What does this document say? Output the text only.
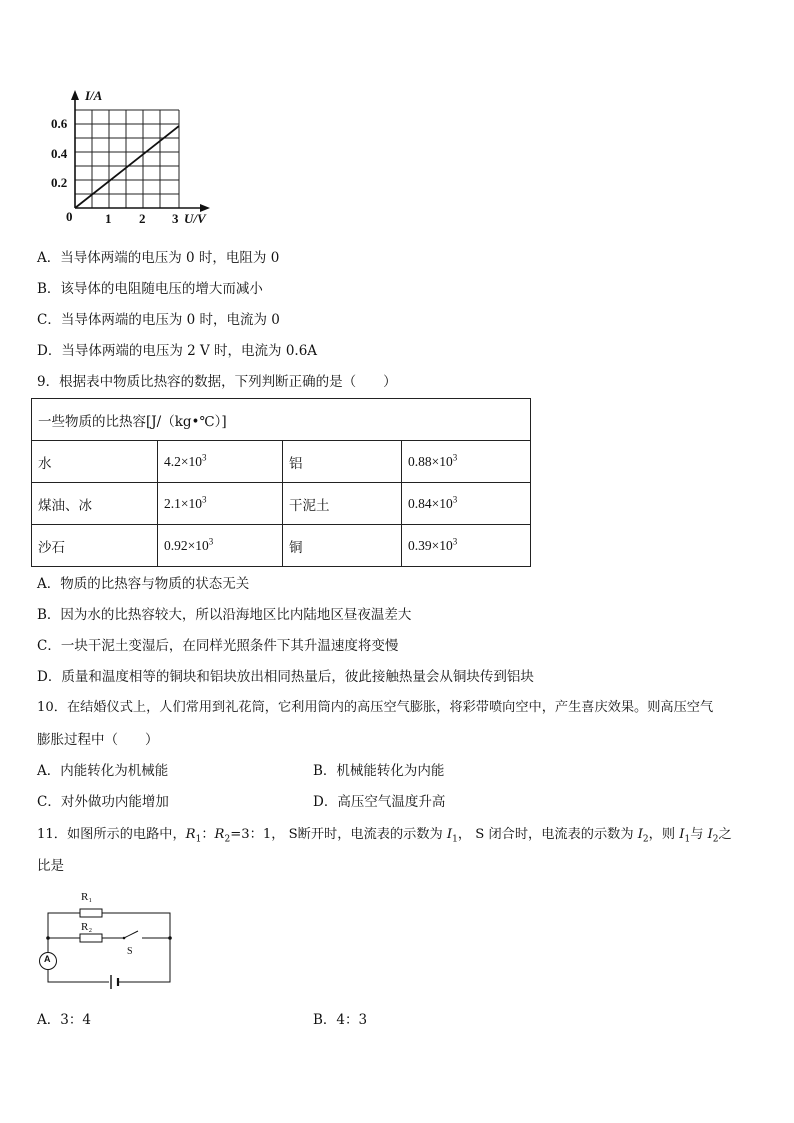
I/A
0.6
0.4
0.2
0	1 2 3 U/V
A．当导体两端的电压为 0 时，电阻为 0
B．该导体的电阻随电压的增大而减小
C．当导体两端的电压为 0 时，电流为 0
D．当导体两端的电压为 2 V 时，电流为 0.6A
9．根据表中物质比热容的数据，下列判断正确的是（　　）
一些物质的比热容[J/（kg•℃）]			
水	$4.2\times 10^3$	铝	$0.88\times 10^3$
煤油、冰	$2.1\times 10^3$	干泥土	$0.84\times 10^3$
沙石	$0.92\times 10^3$	铜	$0.39\times 10^3$
A．物质的比热容与物质的状态无关
B．因为水的比热容较大，所以沿海地区比内陆地区昼夜温差大
C．一块干泥土变湿后，在同样光照条件下其升温速度将变慢
D．质量和温度相等的铜块和铝块放出相同热量后，彼此接触热量会从铜块传到铝块
10．在结婚仪式上，人们常用到礼花筒，它利用筒内的高压空气膨胀，将彩带喷向空中，产生喜庆效果。则高压空气
膨胀过程中（　　）
A．内能转化为机械能	B．机械能转化为内能
C．对外做功内能增加	D．高压空气温度升高
11．如图所示的电路中，$R_1$：$R_2=3$：1， S断开时，电流表的示数为 $I_1$， S 闭合时，电流表的示数为 $I_2$，则 $I_1$与 $I_2$之
比是
R₁
R₂
S
A
A．3：4	B．4：3
